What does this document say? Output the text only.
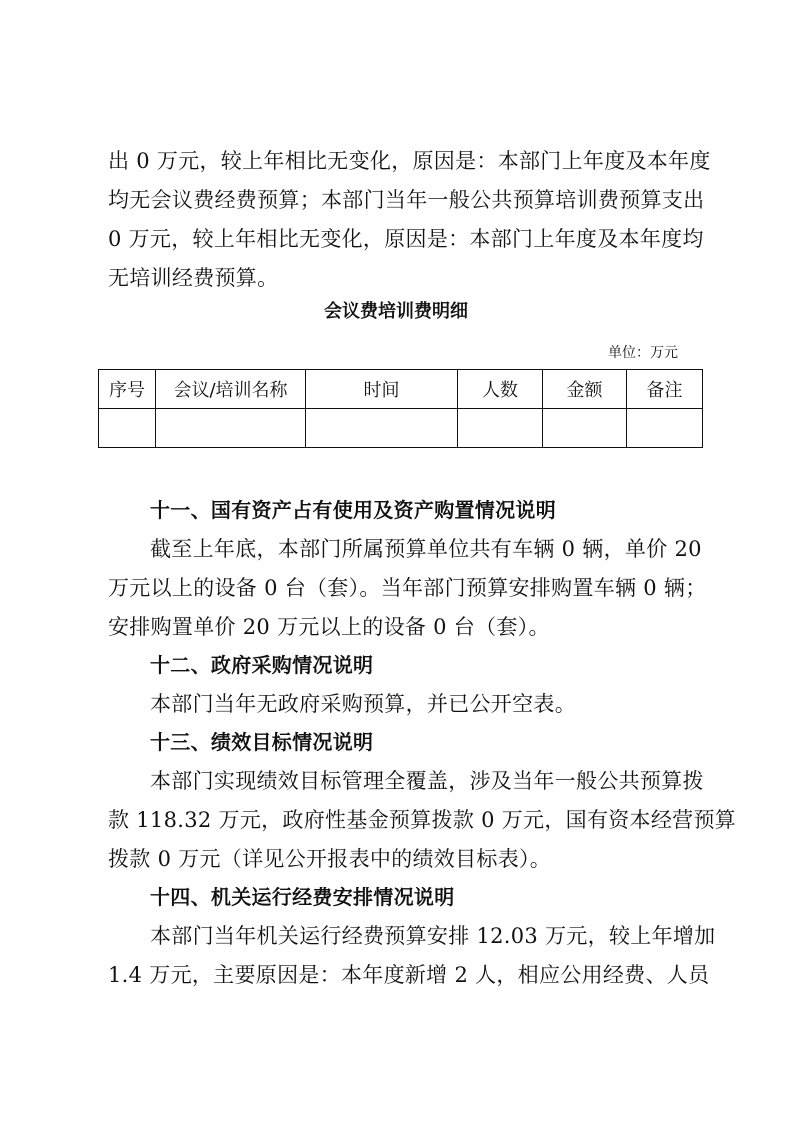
出 0 万元，较上年相比无变化，原因是：本部门上年度及本年度
均无会议费经费预算；本部门当年一般公共预算培训费预算支出
0 万元，较上年相比无变化，原因是：本部门上年度及本年度均
无培训经费预算。
会议费培训费明细
单位：万元
序号	会议/培训名称	时间	人数	金额	备注

十一、国有资产占有使用及资产购置情况说明
截至上年底，本部门所属预算单位共有车辆 0 辆，单价 20
万元以上的设备 0 台（套）。当年部门预算安排购置车辆 0 辆；
安排购置单价 20 万元以上的设备 0 台（套）。
十二、政府采购情况说明
本部门当年无政府采购预算，并已公开空表。
十三、绩效目标情况说明
本部门实现绩效目标管理全覆盖，涉及当年一般公共预算拨
款 118.32 万元，政府性基金预算拨款 0 万元，国有资本经营预算
拨款 0 万元（详见公开报表中的绩效目标表）。
十四、机关运行经费安排情况说明
本部门当年机关运行经费预算安排 12.03 万元，较上年增加
1.4 万元，主要原因是：本年度新增 2 人，相应公用经费、人员
